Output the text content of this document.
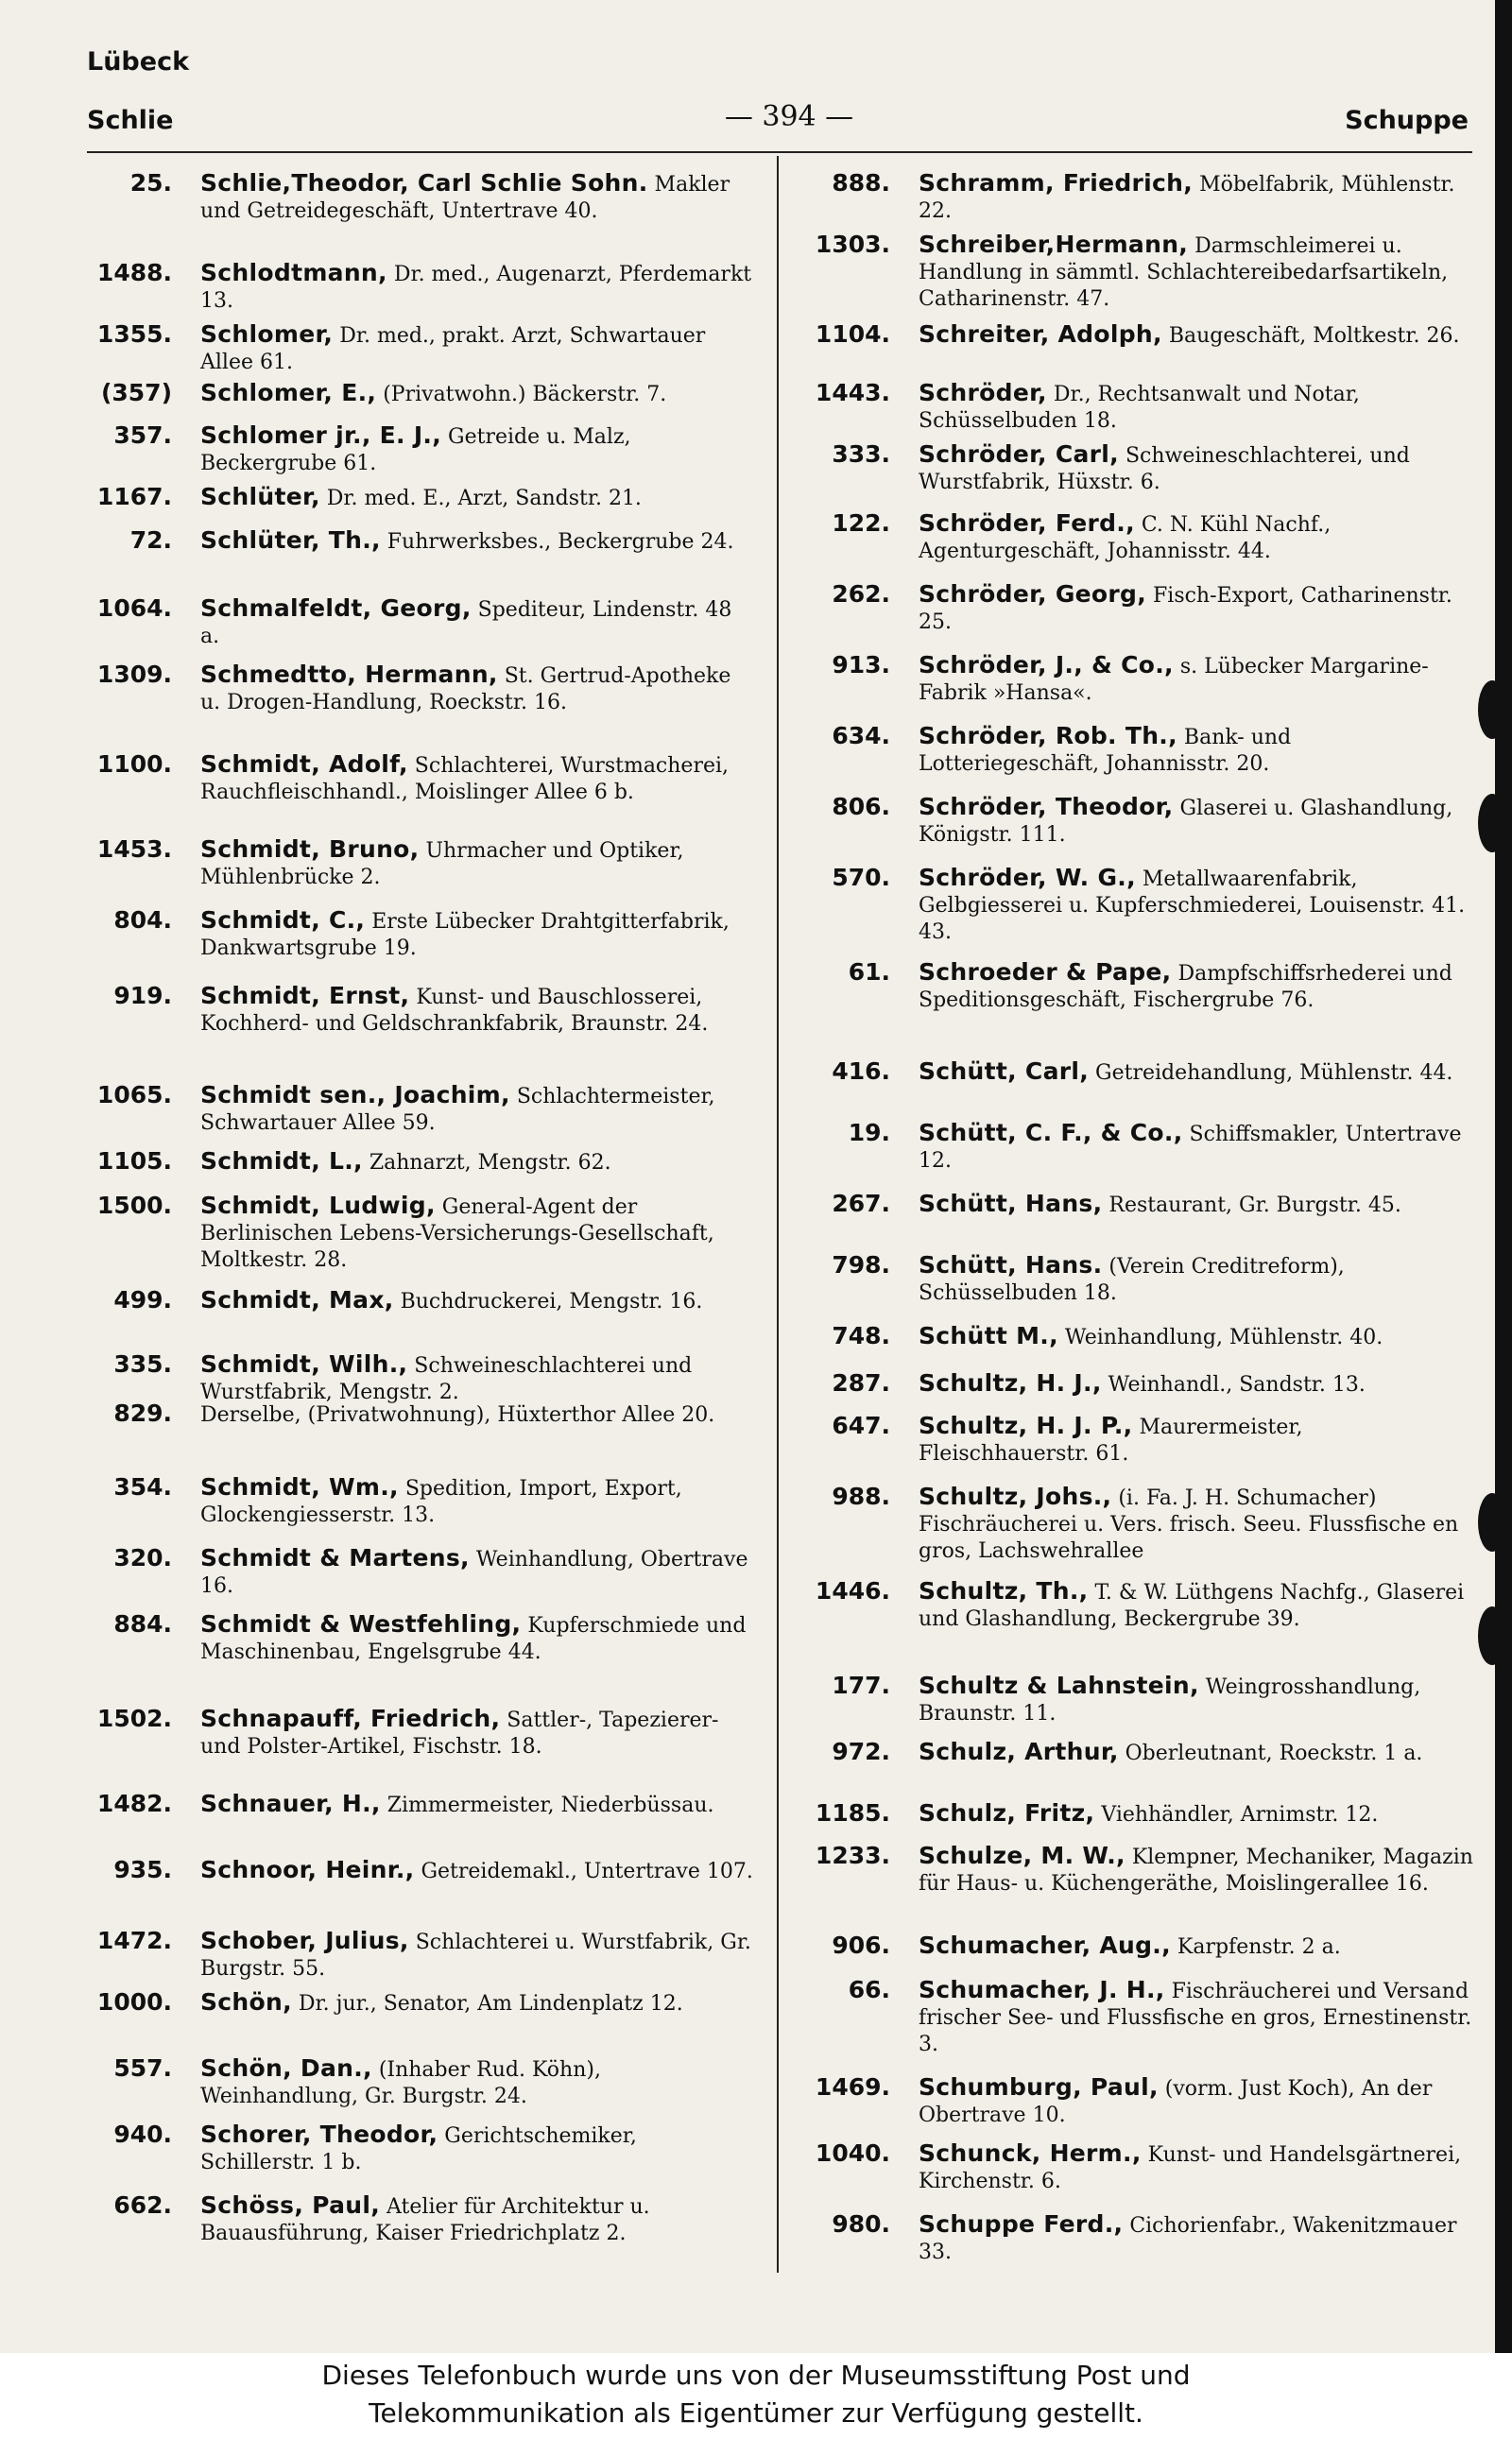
Lübeck
Schlie	— 394 —	Schuppe
25. Schlie,Theodor, Carl Schlie Sohn. Makler und Getreidegeschäft, Untertrave 40.
1488. Schlodtmann, Dr. med., Augenarzt, Pferdemarkt 13.
1355. Schlomer, Dr. med., prakt. Arzt, Schwartauer Allee 61.
(357) Schlomer, E., (Privatwohn.) Bäckerstr. 7.
357. Schlomer jr., E. J., Getreide u. Malz, Beckergrube 61.
1167. Schlüter, Dr. med. E., Arzt, Sandstr. 21.
72. Schlüter, Th., Fuhrwerksbes., Beckergrube 24.
1064. Schmalfeldt, Georg, Spediteur, Lindenstr. 48 a.
1309. Schmedtto, Hermann, St. Gertrud-Apotheke u. Drogen-Handlung, Roeckstr. 16.
1100. Schmidt, Adolf, Schlachterei, Wurstmacherei, Rauchfleischhandl., Moislinger Allee 6 b.
1453. Schmidt, Bruno, Uhrmacher und Optiker, Mühlenbrücke 2.
804. Schmidt, C., Erste Lübecker Drahtgitterfabrik, Dankwartsgrube 19.
919. Schmidt, Ernst, Kunst- und Bauschlosserei, Kochherd- und Geldschrankfabrik, Braunstr. 24.
1065. Schmidt sen., Joachim, Schlachtermeister, Schwartauer Allee 59.
1105. Schmidt, L., Zahnarzt, Mengstr. 62.
1500. Schmidt, Ludwig, General-Agent der Berlinischen Lebens-Versicherungs-Gesellschaft, Moltkestr. 28.
499. Schmidt, Max, Buchdruckerei, Mengstr. 16.
335. Schmidt, Wilh., Schweineschlachterei und Wurstfabrik, Mengstr. 2.
829. Derselbe, (Privatwohnung), Hüxterthor Allee 20.
354. Schmidt, Wm., Spedition, Import, Export, Glockengiesserstr. 13.
320. Schmidt & Martens, Weinhandlung, Obertrave 16.
884. Schmidt & Westfehling, Kupferschmiede und Maschinenbau, Engelsgrube 44.
1502. Schnapauff, Friedrich, Sattler-, Tapezierer- und Polster-Artikel, Fischstr. 18.
1482. Schnauer, H., Zimmermeister, Niederbüssau.
935. Schnoor, Heinr., Getreidemakl., Untertrave 107.
1472. Schober, Julius, Schlachterei u. Wurstfabrik, Gr. Burgstr. 55.
1000. Schön, Dr. jur., Senator, Am Lindenplatz 12.
557. Schön, Dan., (Inhaber Rud. Köhn), Weinhandlung, Gr. Burgstr. 24.
940. Schorer, Theodor, Gerichtschemiker, Schillerstr. 1 b.
662. Schöss, Paul, Atelier für Architektur u. Bauausführung, Kaiser Friedrichplatz 2.
888. Schramm, Friedrich, Möbelfabrik, Mühlenstr. 22.
1303. Schreiber,Hermann, Darmschleimerei u. Handlung in sämmtl. Schlachtereibedarfsartikeln, Catharinenstr. 47.
1104. Schreiter, Adolph, Baugeschäft, Moltkestr. 26.
1443. Schröder, Dr., Rechtsanwalt und Notar, Schüsselbuden 18.
333. Schröder, Carl, Schweineschlachterei, und Wurstfabrik, Hüxstr. 6.
122. Schröder, Ferd., C. N. Kühl Nachf., Agenturgeschäft, Johannisstr. 44.
262. Schröder, Georg, Fisch-Export, Catharinenstr. 25.
913. Schröder, J., & Co., s. Lübecker Margarine-Fabrik »Hansa«.
634. Schröder, Rob. Th., Bank- und Lotteriegeschäft, Johannisstr. 20.
806. Schröder, Theodor, Glaserei u. Glashandlung, Königstr. 111.
570. Schröder, W. G., Metallwaarenfabrik, Gelbgiesserei u. Kupferschmiederei, Louisenstr. 41. 43.
61. Schroeder & Pape, Dampfschiffsrhederei und Speditionsgeschäft, Fischergrube 76.
416. Schütt, Carl, Getreidehandlung, Mühlenstr. 44.
19. Schütt, C. F., & Co., Schiffsmakler, Untertrave 12.
267. Schütt, Hans, Restaurant, Gr. Burgstr. 45.
798. Schütt, Hans. (Verein Creditreform), Schüsselbuden 18.
748. Schütt M., Weinhandlung, Mühlenstr. 40.
287. Schultz, H. J., Weinhandl., Sandstr. 13.
647. Schultz, H. J. P., Maurermeister, Fleischhauerstr. 61.
988. Schultz, Johs., (i. Fa. J. H. Schumacher) Fischräucherei u. Vers. frisch. Seeu. Flussfische en gros, Lachswehrallee
1446. Schultz, Th., T. & W. Lüthgens Nachfg., Glaserei und Glashandlung, Beckergrube 39.
177. Schultz & Lahnstein, Weingrosshandlung, Braunstr. 11.
972. Schulz, Arthur, Oberleutnant, Roeckstr. 1 a.
1185. Schulz, Fritz, Viehhändler, Arnimstr. 12.
1233. Schulze, M. W., Klempner, Mechaniker, Magazin für Haus- u. Küchengeräthe, Moislingerallee 16.
906. Schumacher, Aug., Karpfenstr. 2 a.
66. Schumacher, J. H., Fischräucherei und Versand frischer See- und Flussfische en gros, Ernestinenstr. 3.
1469. Schumburg, Paul, (vorm. Just Koch), An der Obertrave 10.
1040. Schunck, Herm., Kunst- und Handelsgärtnerei, Kirchenstr. 6.
980. Schuppe Ferd., Cichorienfabr., Wakenitzmauer 33.
Dieses Telefonbuch wurde uns von der Museumsstiftung Post und
Telekommunikation als Eigentümer zur Verfügung gestellt.
